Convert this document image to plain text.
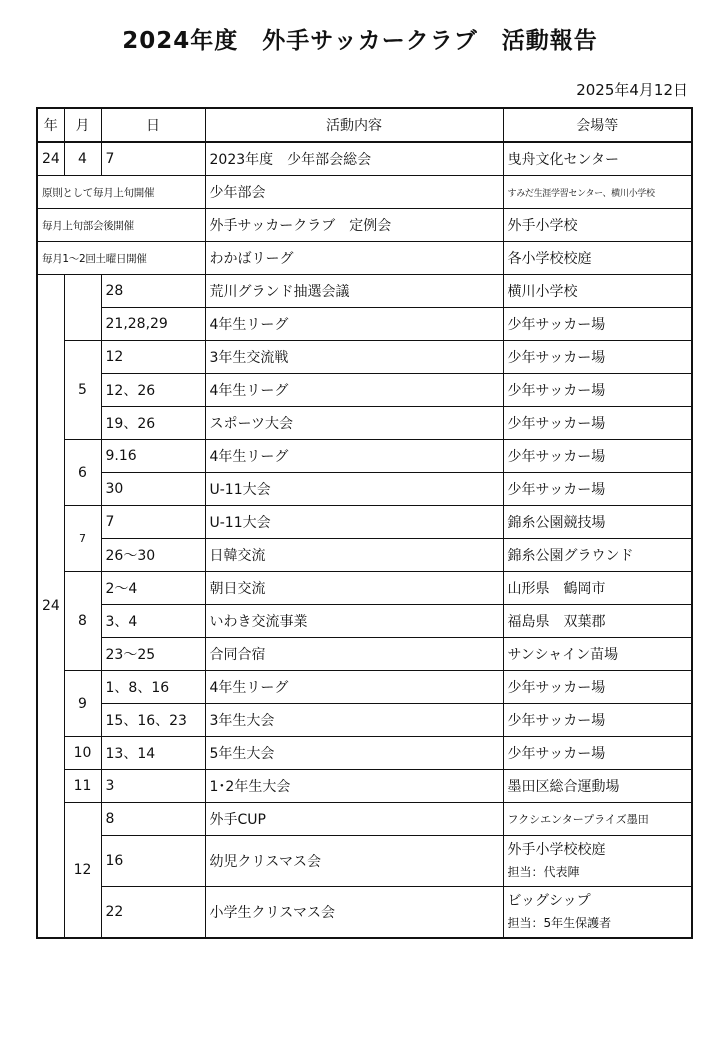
2024年度　外手サッカークラブ　活動報告
2025年4月12日
年	月	日	活動内容	会場等
24	4	7	2023年度　少年部会総会	曳舟文化センター
原則として毎月上旬開催			少年部会	すみだ生涯学習センター、横川小学校
毎月上旬部会後開催			外手サッカークラブ　定例会	外手小学校
毎月1～2回土曜日開催			わかばリーグ	各小学校校庭
24		28	荒川グランド抽選会議	横川小学校
		21,28,29	4年生リーグ	少年サッカー場
	5	12	3年生交流戦	少年サッカー場
		12、26	4年生リーグ	少年サッカー場
		19、26	スポーツ大会	少年サッカー場
	6	9.16	4年生リーグ	少年サッカー場
		30	U-11大会	少年サッカー場
	7	7	U-11大会	錦糸公園競技場
		26～30	日韓交流	錦糸公園グラウンド
	8	2～4	朝日交流	山形県　鶴岡市
		3、4	いわき交流事業	福島県　双葉郡
		23～25	合同合宿	サンシャイン苗場
	9	1、8、16	4年生リーグ	少年サッカー場
		15、16、23	3年生大会	少年サッカー場
	10	13、14	5年生大会	少年サッカー場
	11	3	1･2年生大会	墨田区総合運動場
	12	8	外手CUP	フクシエンタープライズ墨田
		16	幼児クリスマス会	外手小学校校庭
担当：代表陣

		22	小学生クリスマス会	ビッグシップ
担当：5年生保護者
